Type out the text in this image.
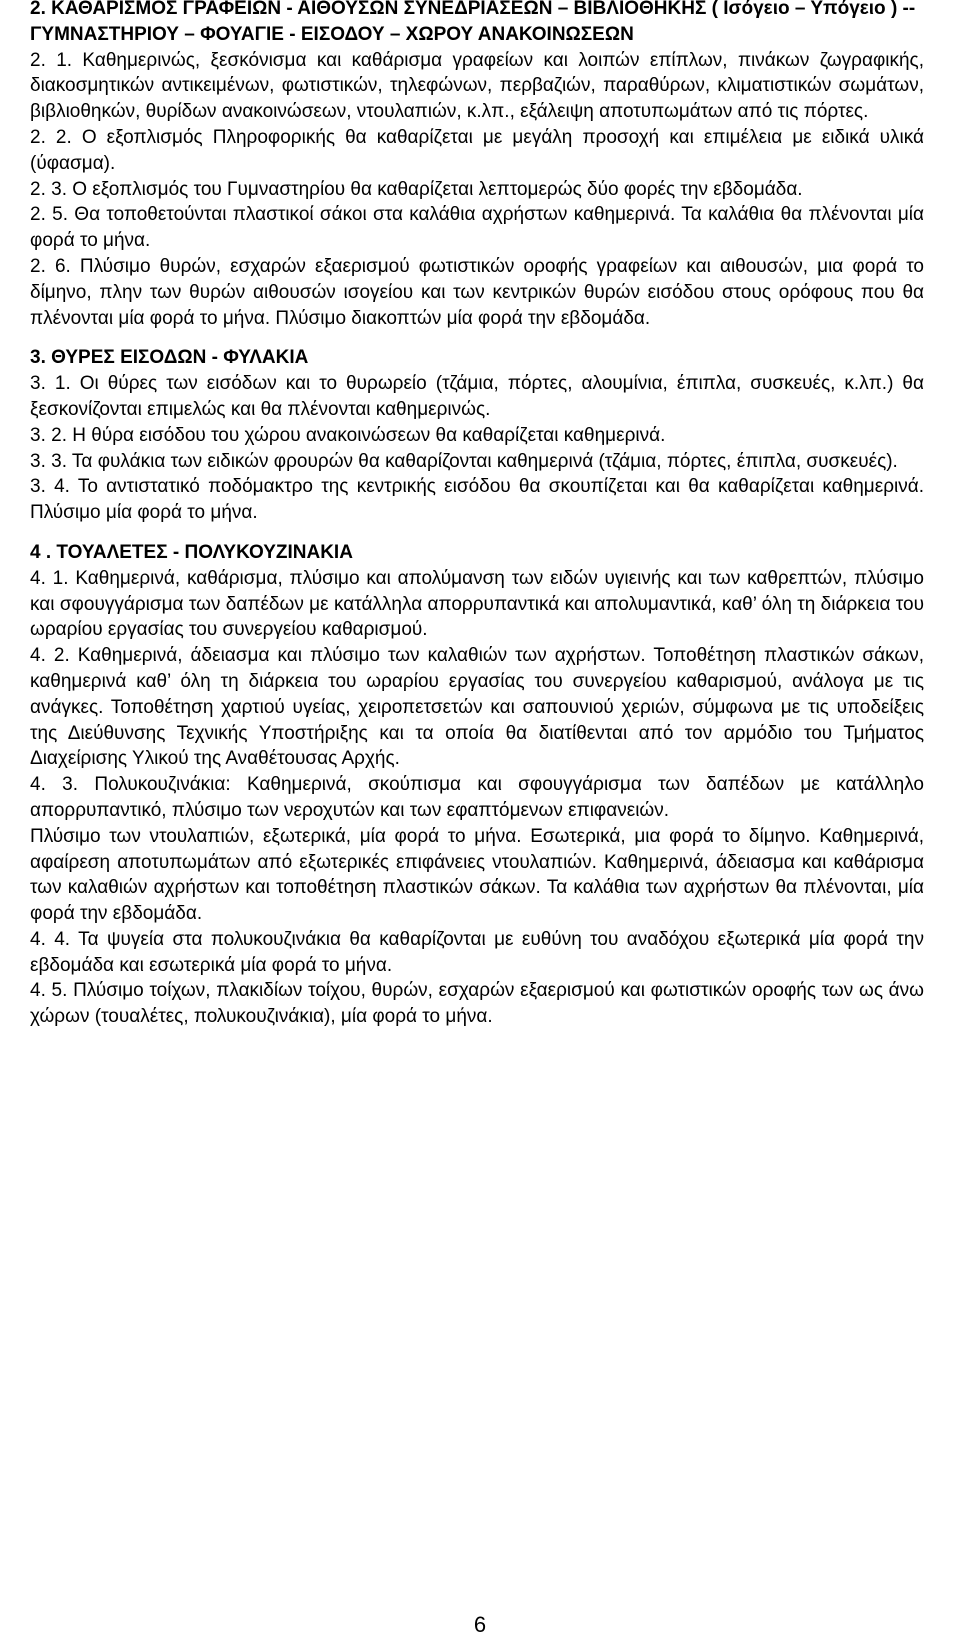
2. ΚΑΘΑΡΙΣΜΟΣ ΓΡΑΦΕΙΩΝ - ΑΙΘΟΥΣΩΝ ΣΥΝΕΔΡΙΑΣΕΩΝ – ΒΙΒΛΙΟΘΗΚΗΣ ( Ισόγειο – Υπόγειο ) -- ΓΥΜΝΑΣΤΗΡΙΟΥ – ΦΟΥΑΓΙΕ - ΕΙΣΟΔΟΥ – ΧΩΡΟΥ ΑΝΑΚΟΙΝΩΣΕΩΝ

2. 1. Καθημερινώς, ξεσκόνισμα και καθάρισμα γραφείων και λοιπών επίπλων, πινάκων ζωγραφικής, διακοσμητικών αντικειμένων, φωτιστικών, τηλεφώνων, περβαζιών, παραθύρων, κλιματιστικών σωμάτων, βιβλιοθηκών, θυρίδων ανακοινώσεων, ντουλαπιών, κ.λπ., εξάλειψη αποτυπωμάτων από τις πόρτες.

2. 2. Ο εξοπλισμός Πληροφορικής θα καθαρίζεται με μεγάλη προσοχή και επιμέλεια με ειδικά υλικά (ύφασμα).

2. 3. Ο εξοπλισμός του Γυμναστηρίου θα καθαρίζεται λεπτομερώς δύο φορές την εβδομάδα.

2. 5. Θα τοποθετούνται πλαστικοί σάκοι στα καλάθια αχρήστων καθημερινά. Τα καλάθια θα πλένονται μία φορά το μήνα.

2. 6. Πλύσιμο θυρών, εσχαρών εξαερισμού φωτιστικών οροφής γραφείων και αιθουσών, μια φορά το δίμηνο, πλην των θυρών αιθουσών ισογείου και των κεντρικών θυρών εισόδου στους ορόφους που θα πλένονται μία φορά το μήνα. Πλύσιμο διακοπτών μία φορά την εβδομάδα.

3. ΘΥΡΕΣ ΕΙΣΟΔΩΝ - ΦΥΛΑΚΙΑ

3. 1. Οι θύρες των εισόδων και το θυρωρείο (τζάμια, πόρτες, αλουμίνια, έπιπλα, συσκευές, κ.λπ.) θα ξεσκονίζονται επιμελώς και θα πλένονται καθημερινώς.

3. 2. Η θύρα εισόδου του χώρου ανακοινώσεων θα καθαρίζεται καθημερινά.

3. 3. Τα φυλάκια των ειδικών φρουρών θα καθαρίζονται καθημερινά (τζάμια, πόρτες, έπιπλα, συσκευές).

3. 4. Το αντιστατικό ποδόμακτρο της κεντρικής εισόδου θα σκουπίζεται και θα καθαρίζεται καθημερινά. Πλύσιμο μία φορά το μήνα.

4 . ΤΟΥΑΛΕΤΕΣ - ΠΟΛΥΚΟΥΖΙΝΑΚΙΑ

4. 1. Καθημερινά, καθάρισμα, πλύσιμο και απολύμανση των ειδών υγιεινής και των καθρεπτών, πλύσιμο και σφουγγάρισμα των δαπέδων με κατάλληλα απορρυπαντικά και απολυμαντικά, καθ’ όλη τη διάρκεια του ωραρίου εργασίας του συνεργείου καθαρισμού.

4. 2. Καθημερινά, άδειασμα και πλύσιμο των καλαθιών των αχρήστων. Τοποθέτηση πλαστικών σάκων, καθημερινά καθ’ όλη τη διάρκεια του ωραρίου εργασίας του συνεργείου καθαρισμού, ανάλογα με τις ανάγκες. Τοποθέτηση χαρτιού υγείας, χειροπετσετών και σαπουνιού χεριών, σύμφωνα με τις υποδείξεις της Διεύθυνσης Τεχνικής Υποστήριξης και τα οποία θα διατίθενται από τον αρμόδιο του Τμήματος Διαχείρισης Υλικού της Αναθέτουσας Αρχής.

4. 3. Πολυκουζινάκια: Καθημερινά, σκούπισμα και σφουγγάρισμα των δαπέδων με κατάλληλο απορρυπαντικό, πλύσιμο των νεροχυτών και των εφαπτόμενων επιφανειών.

Πλύσιμο των ντουλαπιών, εξωτερικά, μία φορά το μήνα. Εσωτερικά, μια φορά το δίμηνο. Καθημερινά, αφαίρεση αποτυπωμάτων από εξωτερικές επιφάνειες ντουλαπιών. Καθημερινά, άδειασμα και καθάρισμα των καλαθιών αχρήστων και τοποθέτηση πλαστικών σάκων. Τα καλάθια των αχρήστων θα πλένονται, μία φορά την εβδομάδα.

4. 4. Τα ψυγεία στα πολυκουζινάκια θα καθαρίζονται με ευθύνη του αναδόχου εξωτερικά μία φορά την εβδομάδα και εσωτερικά μία φορά το μήνα.

4. 5. Πλύσιμο τοίχων, πλακιδίων τοίχου, θυρών, εσχαρών εξαερισμού και φωτιστικών οροφής των ως άνω χώρων (τουαλέτες, πολυκουζινάκια), μία φορά το μήνα.

6
